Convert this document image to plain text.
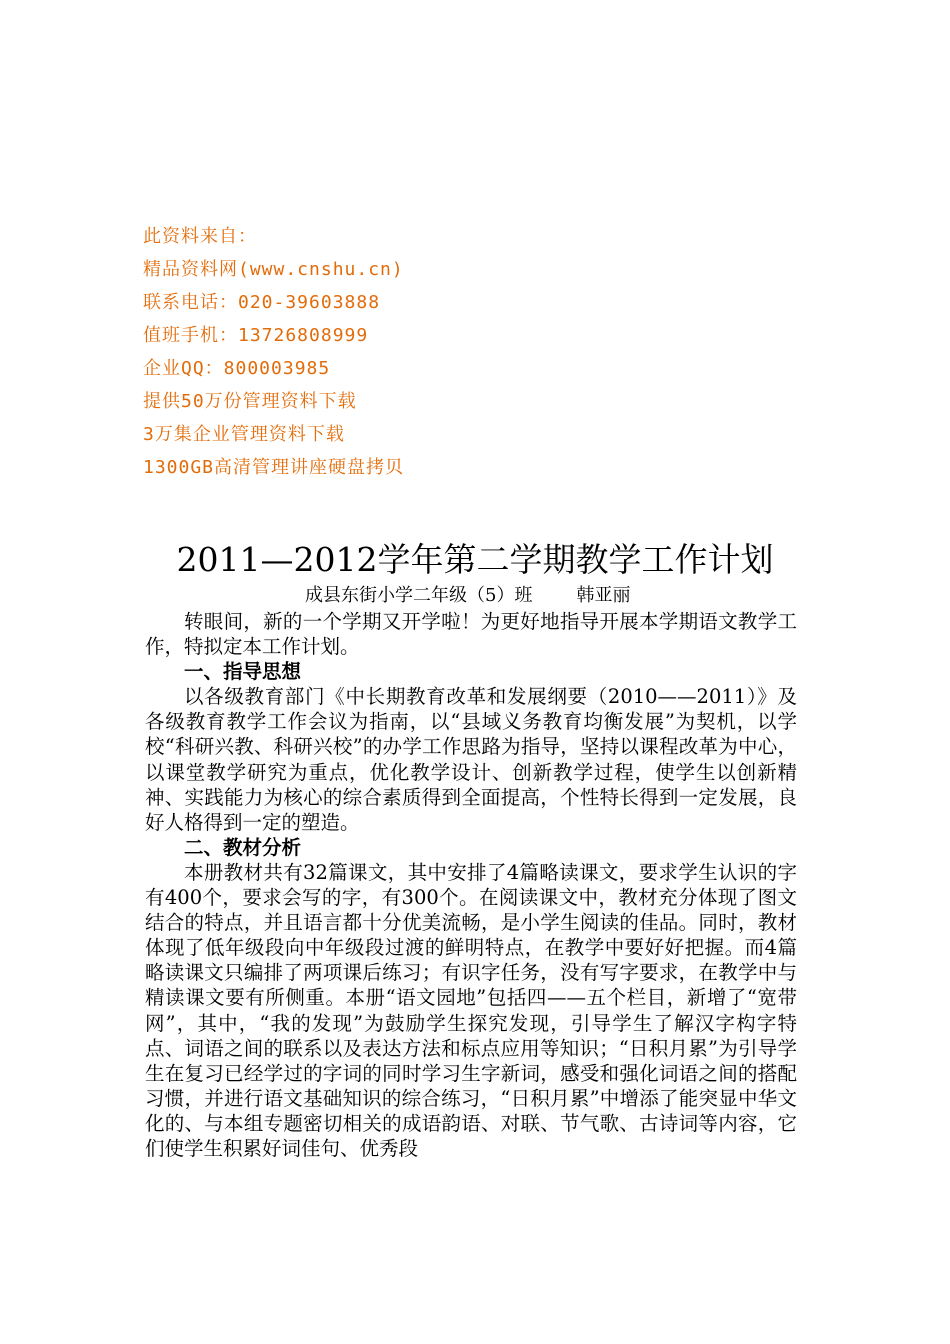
此资料来自：
精品资料网(www.cnshu.cn)
联系电话：020-39603888
值班手机：13726808999
企业QQ：800003985
提供50万份管理资料下载
3万集企业管理资料下载
1300GB高清管理讲座硬盘拷贝
2011—2012学年第二学期教学工作计划
成县东街小学二年级（5）班 韩亚丽

转眼间，新的一个学期又开学啦！为更好地指导开展本学期语文教学工作，特拟定本工作计划。

一、指导思想

以各级教育部门《中长期教育改革和发展纲要（2010——2011）》及各级教育教学工作会议为指南，以“县域义务教育均衡发展”为契机，以学校“科研兴教、科研兴校”的办学工作思路为指导，坚持以课程改革为中心，以课堂教学研究为重点，优化教学设计、创新教学过程，使学生以创新精神、实践能力为核心的综合素质得到全面提高，个性特长得到一定发展，良好人格得到一定的塑造。

二、教材分析

本册教材共有32篇课文，其中安排了4篇略读课文，要求学生认识的字有400个，要求会写的字，有300个。在阅读课文中，教材充分体现了图文结合的特点，并且语言都十分优美流畅，是小学生阅读的佳品。同时，教材体现了低年级段向中年级段过渡的鲜明特点，在教学中要好好把握。而4篇略读课文只编排了两项课后练习；有识字任务，没有写字要求，在教学中与精读课文要有所侧重。本册“语文园地”包括四——五个栏目，新增了“宽带网”，其中，“我的发现”为鼓励学生探究发现，引导学生了解汉字构字特点、词语之间的联系以及表达方法和标点应用等知识；“日积月累”为引导学生在复习已经学过的字词的同时学习生字新词，感受和强化词语之间的搭配习惯，并进行语文基础知识的综合练习，“日积月累”中增添了能突显中华文化的、与本组专题密切相关的成语韵语、对联、节气歌、古诗词等内容，它们使学生积累好词佳句、优秀段
